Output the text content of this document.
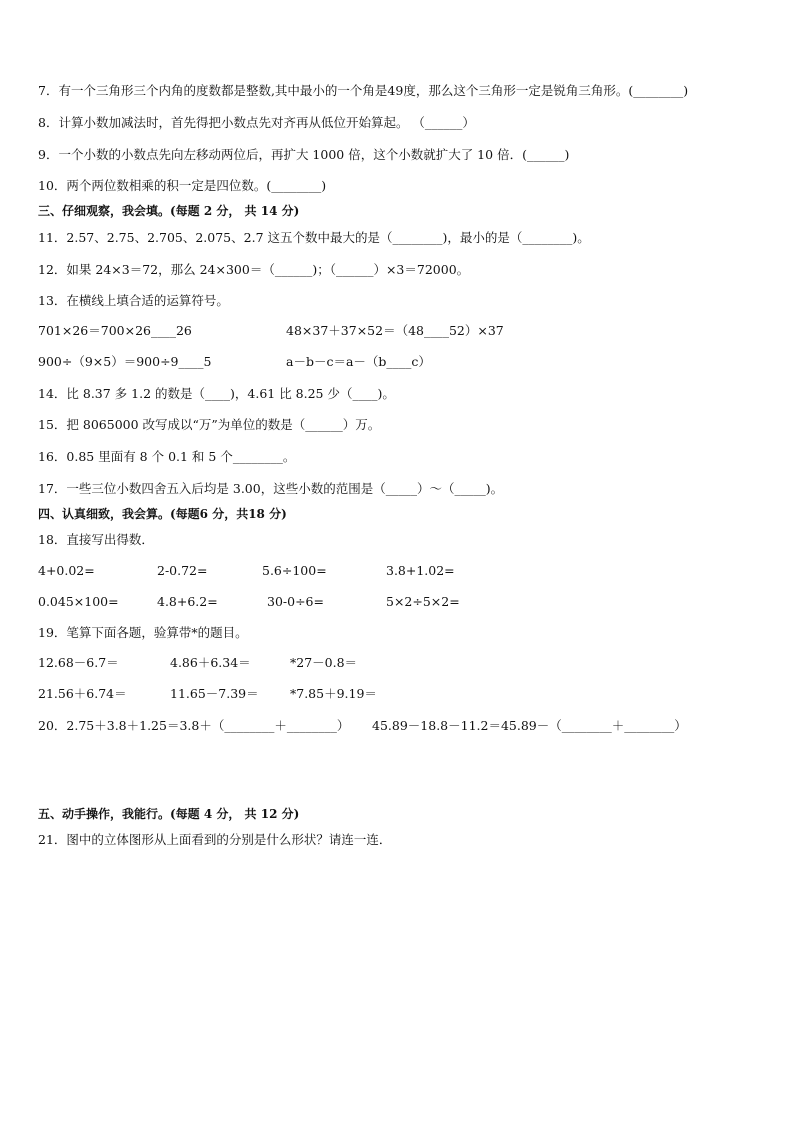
7．有一个三角形三个内角的度数都是整数,其中最小的一个角是49度，那么这个三角形一定是锐角三角形。(________)
8．计算小数加减法时，首先得把小数点先对齐再从低位开始算起。 （______）
9．一个小数的小数点先向左移动两位后，再扩大 1000 倍，这个小数就扩大了 10 倍．(______)
10．两个两位数相乘的积一定是四位数。(________)
三、仔细观察，我会填。(每题 2 分， 共 14 分)
11．2.57、2.75、2.705、2.075、2.7 这五个数中最大的是（________)，最小的是（________)。
12．如果 24×3＝72，那么 24×300＝（______)；（______）×3＝72000。
13．在横线上填合适的运算符号。
701×26＝700×26____26	48×37＋37×52＝（48____52）×37
900÷（9×5）＝900÷9____5	a－b－c＝a－（b____c）
14．比 8.37 多 1.2 的数是（____)，4.61 比 8.25 少（____)。
15．把 8065000 改写成以“万”为单位的数是（______）万。
16．0.85 里面有 8 个 0.1 和 5 个________。
17．一些三位小数四舍五入后均是 3.00，这些小数的范围是（_____）～（_____)。
四、认真细致，我会算。(每题6 分，共18 分)
18．直接写出得数．
4+0.02=	2-0.72=	5.6÷100=	3.8+1.02=
0.045×100=	4.8+6.2=	30-0÷6=	5×2÷5×2=
19．笔算下面各题，验算带*的题目。
12.68－6.7＝	4.86＋6.34＝	*27－0.8＝
21.56＋6.74＝	11.65－7.39＝	*7.85＋9.19＝
20．2.75＋3.8＋1.25＝3.8＋（________＋________） 45.89－18.8－11.2＝45.89－（________＋________）
五、动手操作，我能行。(每题 4 分， 共 12 分)
21．图中的立体图形从上面看到的分别是什么形状？请连一连．
